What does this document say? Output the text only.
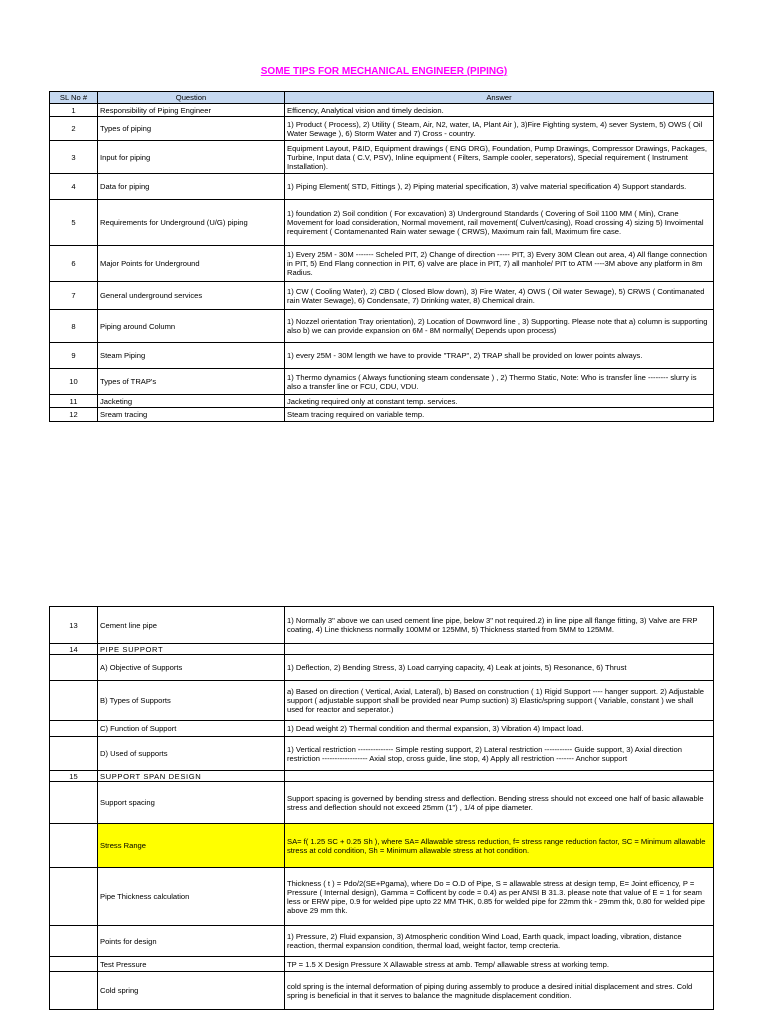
SOME TIPS FOR MECHANICAL ENGINEER (PIPING)
SL No #	Question	Answer
1	Responsibility of Piping Engineer	Efficency, Analytical vision and timely decision.
2	Types of piping	1) Product ( Process), 2) Utility ( Steam, Air, N2, water, IA, Plant Air ), 3)Fire Fighting system, 4) sever System, 5) OWS ( Oil Water Sewage ), 6) Storm Water and 7) Cross - country.
3	Input for piping	Equipment Layout, P&ID, Equipment drawings ( ENG DRG), Foundation, Pump Drawings, Compressor Drawings, Packages, Turbine, Input data ( C.V, PSV), Inline equipment ( Filters, Sample cooler, seperators), Special requirement ( Instrument Installation).
4	Data for piping	1) Piping Element( STD, Fittings ), 2) Piping material specification, 3) valve material specification 4) Support standards.
5	Requirements for Underground (U/G) piping	1) foundation 2) Soil condition ( For excavation) 3) Underground Standards ( Covering of Soil 1100 MM ( Min), Crane Movement for load consideration, Normal movement, rail movement( Culvert/casing), Road crossing 4) sizing 5) Invoimental requirement ( Contamenanted Rain water sewage ( CRWS), Maximum rain fall, Maximum fire case.
6	Major Points for Underground	1) Every 25M - 30M ------- Scheled PIT, 2) Change of direction ----- PIT, 3) Every 30M Clean out area, 4) All flange connection in PIT, 5) End Flang connection in PIT, 6) valve are place in PIT, 7) all manhole/ PIT to ATM ----3M above any platform in 8m Radius.
7	General underground services	1) CW ( Cooling Water), 2) CBD ( Closed Blow down), 3) Fire Water, 4) OWS ( Oil water Sewage), 5) CRWS ( Contimanated rain Water Sewage), 6) Condensate, 7) Drinking water, 8) Chemical drain.
8	Piping around Column	1) Nozzel orientation Tray orientation), 2) Location of Downword line , 3) Supporting. Please note that a) column is supporting also b) we can provide expansion on 6M - 8M normally( Depends upon process)
9	Steam Piping	1) every 25M - 30M length we have to provide "TRAP", 2) TRAP shall be provided on lower points always.
10	Types of TRAP's	1) Thermo dynamics ( Always functioning steam condensate ) , 2) Thermo Static, Note: Who is transfer line -------- slurry is also a transfer line or FCU, CDU, VDU.
11	Jacketing	Jacketing required only at constant temp. services.
12	Sream tracing	Steam tracing required on variable temp.
13	Cement line pipe	1) Normally 3" above we can used cement line pipe, below 3" not required.2) in line pipe all flange fitting, 3) Valve are FRP coating, 4) Line thickness normally 100MM or 125MM, 5) Thickness started from 5MM to 125MM.
14	PIPE SUPPORT	
	A) Objective of Supports	1) Deflection, 2) Bending Stress, 3) Load carrying capacity, 4) Leak at joints, 5) Resonance, 6) Thrust
	B) Types of Supports	a) Based on direction ( Vertical, Axial, Lateral), b) Based on construction ( 1) Rigid Support ---- hanger support. 2) Adjustable support ( adjustable support shall be provided near Pump suction) 3) Elastic/spring support ( Variable, constant ) we shall used for reactor and seperator.)
	C) Function of Support	1) Dead weight 2) Thermal condition and thermal expansion, 3) Vibration 4) Impact load.
	D) Used of supports	1) Vertical restriction -------------- Simple resting support, 2) Lateral restriction ----------- Guide support, 3) Axial direction restriction ------------------ Axial stop, cross guide, line stop, 4) Apply all restriction ------- Anchor support
15	SUPPORT SPAN DESIGN	
	Support spacing	Support spacing is governed by bending stress and deflection. Bending stress should not exceed one half of basic allawable stress and deflection should not exceed 25mm (1") , 1/4 of pipe diameter.
	Stress Range	SA= f( 1.25 SC + 0.25 Sh ), where SA= Allawable stress reduction, f= stress range reduction factor, SC = Minimum allawable stress at cold condition, Sh = Minimum allawable stress at hot condition.
	Pipe Thickness calculation	Thickness ( t ) = Pdo/2(SE+Pgama), where Do = O.D of Pipe, S = allawable stress at design temp, E= Joint efficency, P = Pressure ( Internal design), Gamma = Cofficent by code = 0.4) as per ANSI B 31.3. please note that value of E = 1 for seam less or ERW pipe, 0.9 for welded pipe upto 22 MM THK, 0.85 for welded pipe for 22mm thk - 29mm thk, 0.80 for welded pipe above 29 mm thk.
	Points for design	1) Pressure, 2) Fluid expansion, 3) Atmospheric condition Wind Load, Earth quack, impact loading, vibration, distance reaction, thermal expansion condition, thermal load, weight factor, temp crecteria.
	Test Pressure	TP = 1.5 X Design Pressure X Allawable stress at amb. Temp/ allawable stress at working temp.
	Cold spring	cold spring is the internal deformation of piping during assembly to produce a desired initial displacement and stres. Cold spring is beneficial in that it serves to balance the magnitude displacement condition.
